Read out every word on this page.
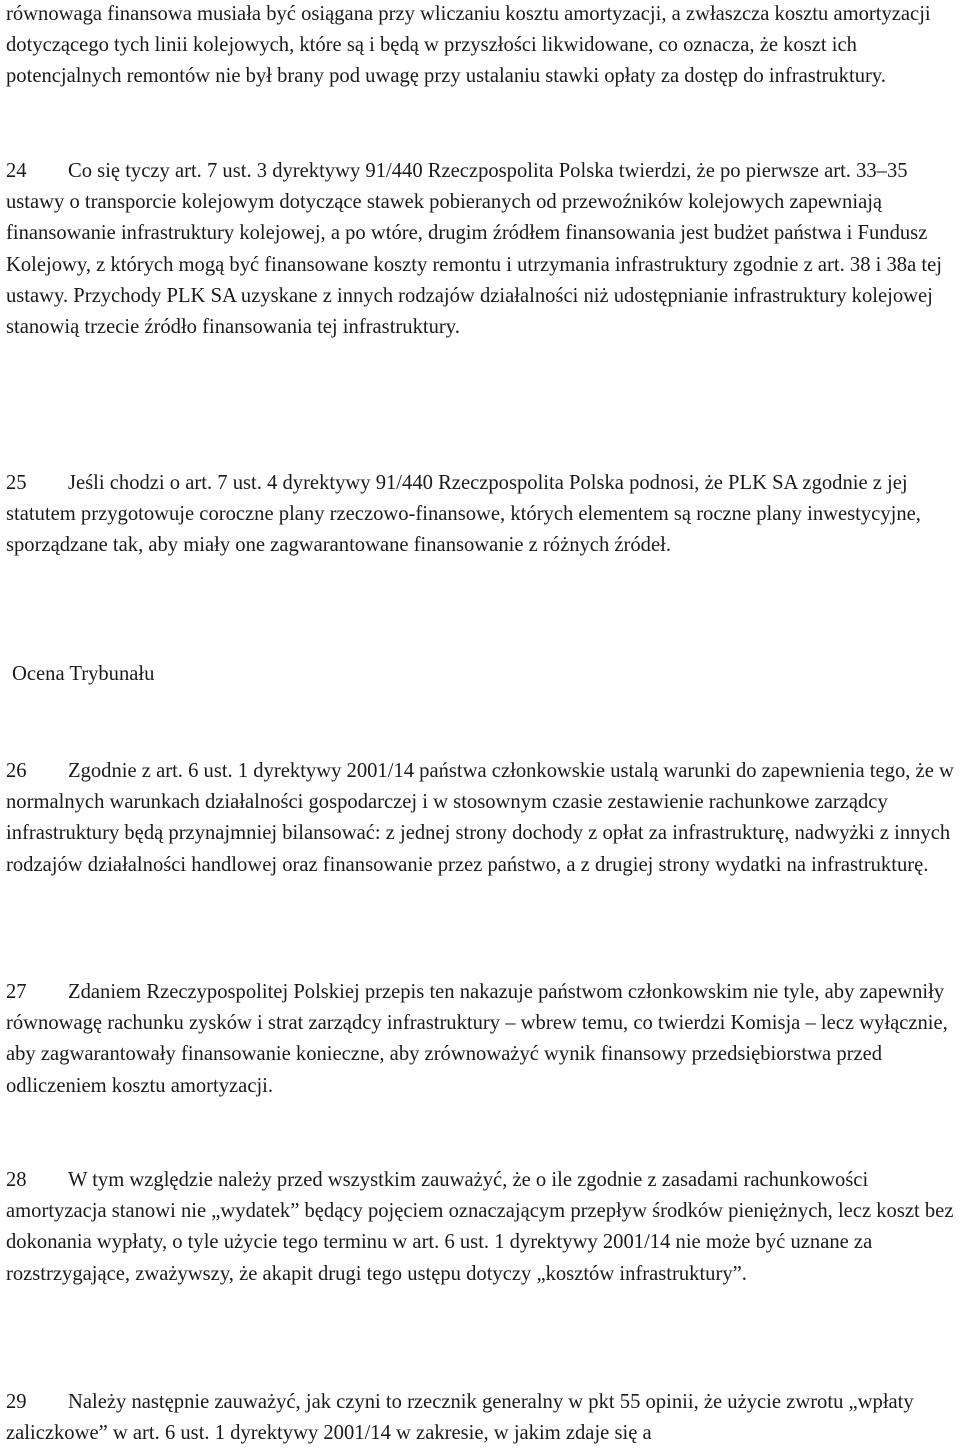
równowaga finansowa musiała być osiągana przy wliczaniu kosztu amortyzacji, a zwłaszcza kosztu amortyzacji dotyczącego tych linii kolejowych, które są i będą w przyszłości likwidowane, co oznacza, że koszt ich potencjalnych remontów nie był brany pod uwagę przy ustalaniu stawki opłaty za dostęp do infrastruktury.
24 Co się tyczy art. 7 ust. 3 dyrektywy 91/440 Rzeczpospolita Polska twierdzi, że po pierwsze art. 33–35 ustawy o transporcie kolejowym dotyczące stawek pobieranych od przewoźników kolejowych zapewniają finansowanie infrastruktury kolejowej, a po wtóre, drugim źródłem finansowania jest budżet państwa i Fundusz Kolejowy, z których mogą być finansowane koszty remontu i utrzymania infrastruktury zgodnie z art. 38 i 38a tej ustawy. Przychody PLK SA uzyskane z innych rodzajów działalności niż udostępnianie infrastruktury kolejowej stanowią trzecie źródło finansowania tej infrastruktury.
25 Jeśli chodzi o art. 7 ust. 4 dyrektywy 91/440 Rzeczpospolita Polska podnosi, że PLK SA zgodnie z jej statutem przygotowuje coroczne plany rzeczowo-finansowe, których elementem są roczne plany inwestycyjne, sporządzane tak, aby miały one zagwarantowane finansowanie z różnych źródeł.
Ocena Trybunału
26 Zgodnie z art. 6 ust. 1 dyrektywy 2001/14 państwa członkowskie ustalą warunki do zapewnienia tego, że w normalnych warunkach działalności gospodarczej i w stosownym czasie zestawienie rachunkowe zarządcy infrastruktury będą przynajmniej bilansować: z jednej strony dochody z opłat za infrastrukturę, nadwyżki z innych rodzajów działalności handlowej oraz finansowanie przez państwo, a z drugiej strony wydatki na infrastrukturę.
27 Zdaniem Rzeczypospolitej Polskiej przepis ten nakazuje państwom członkowskim nie tyle, aby zapewniły równowagę rachunku zysków i strat zarządcy infrastruktury – wbrew temu, co twierdzi Komisja – lecz wyłącznie, aby zagwarantowały finansowanie konieczne, aby zrównoważyć wynik finansowy przedsiębiorstwa przed odliczeniem kosztu amortyzacji.
28 W tym względzie należy przed wszystkim zauważyć, że o ile zgodnie z zasadami rachunkowości amortyzacja stanowi nie „wydatek” będący pojęciem oznaczającym przepływ środków pieniężnych, lecz koszt bez dokonania wypłaty, o tyle użycie tego terminu w art. 6 ust. 1 dyrektywy 2001/14 nie może być uznane za rozstrzygające, zważywszy, że akapit drugi tego ustępu dotyczy „kosztów infrastruktury”.
29 Należy następnie zauważyć, jak czyni to rzecznik generalny w pkt 55 opinii, że użycie zwrotu „wpłaty zaliczkowe” w art. 6 ust. 1 dyrektywy 2001/14 w zakresie, w jakim zdaje się a
